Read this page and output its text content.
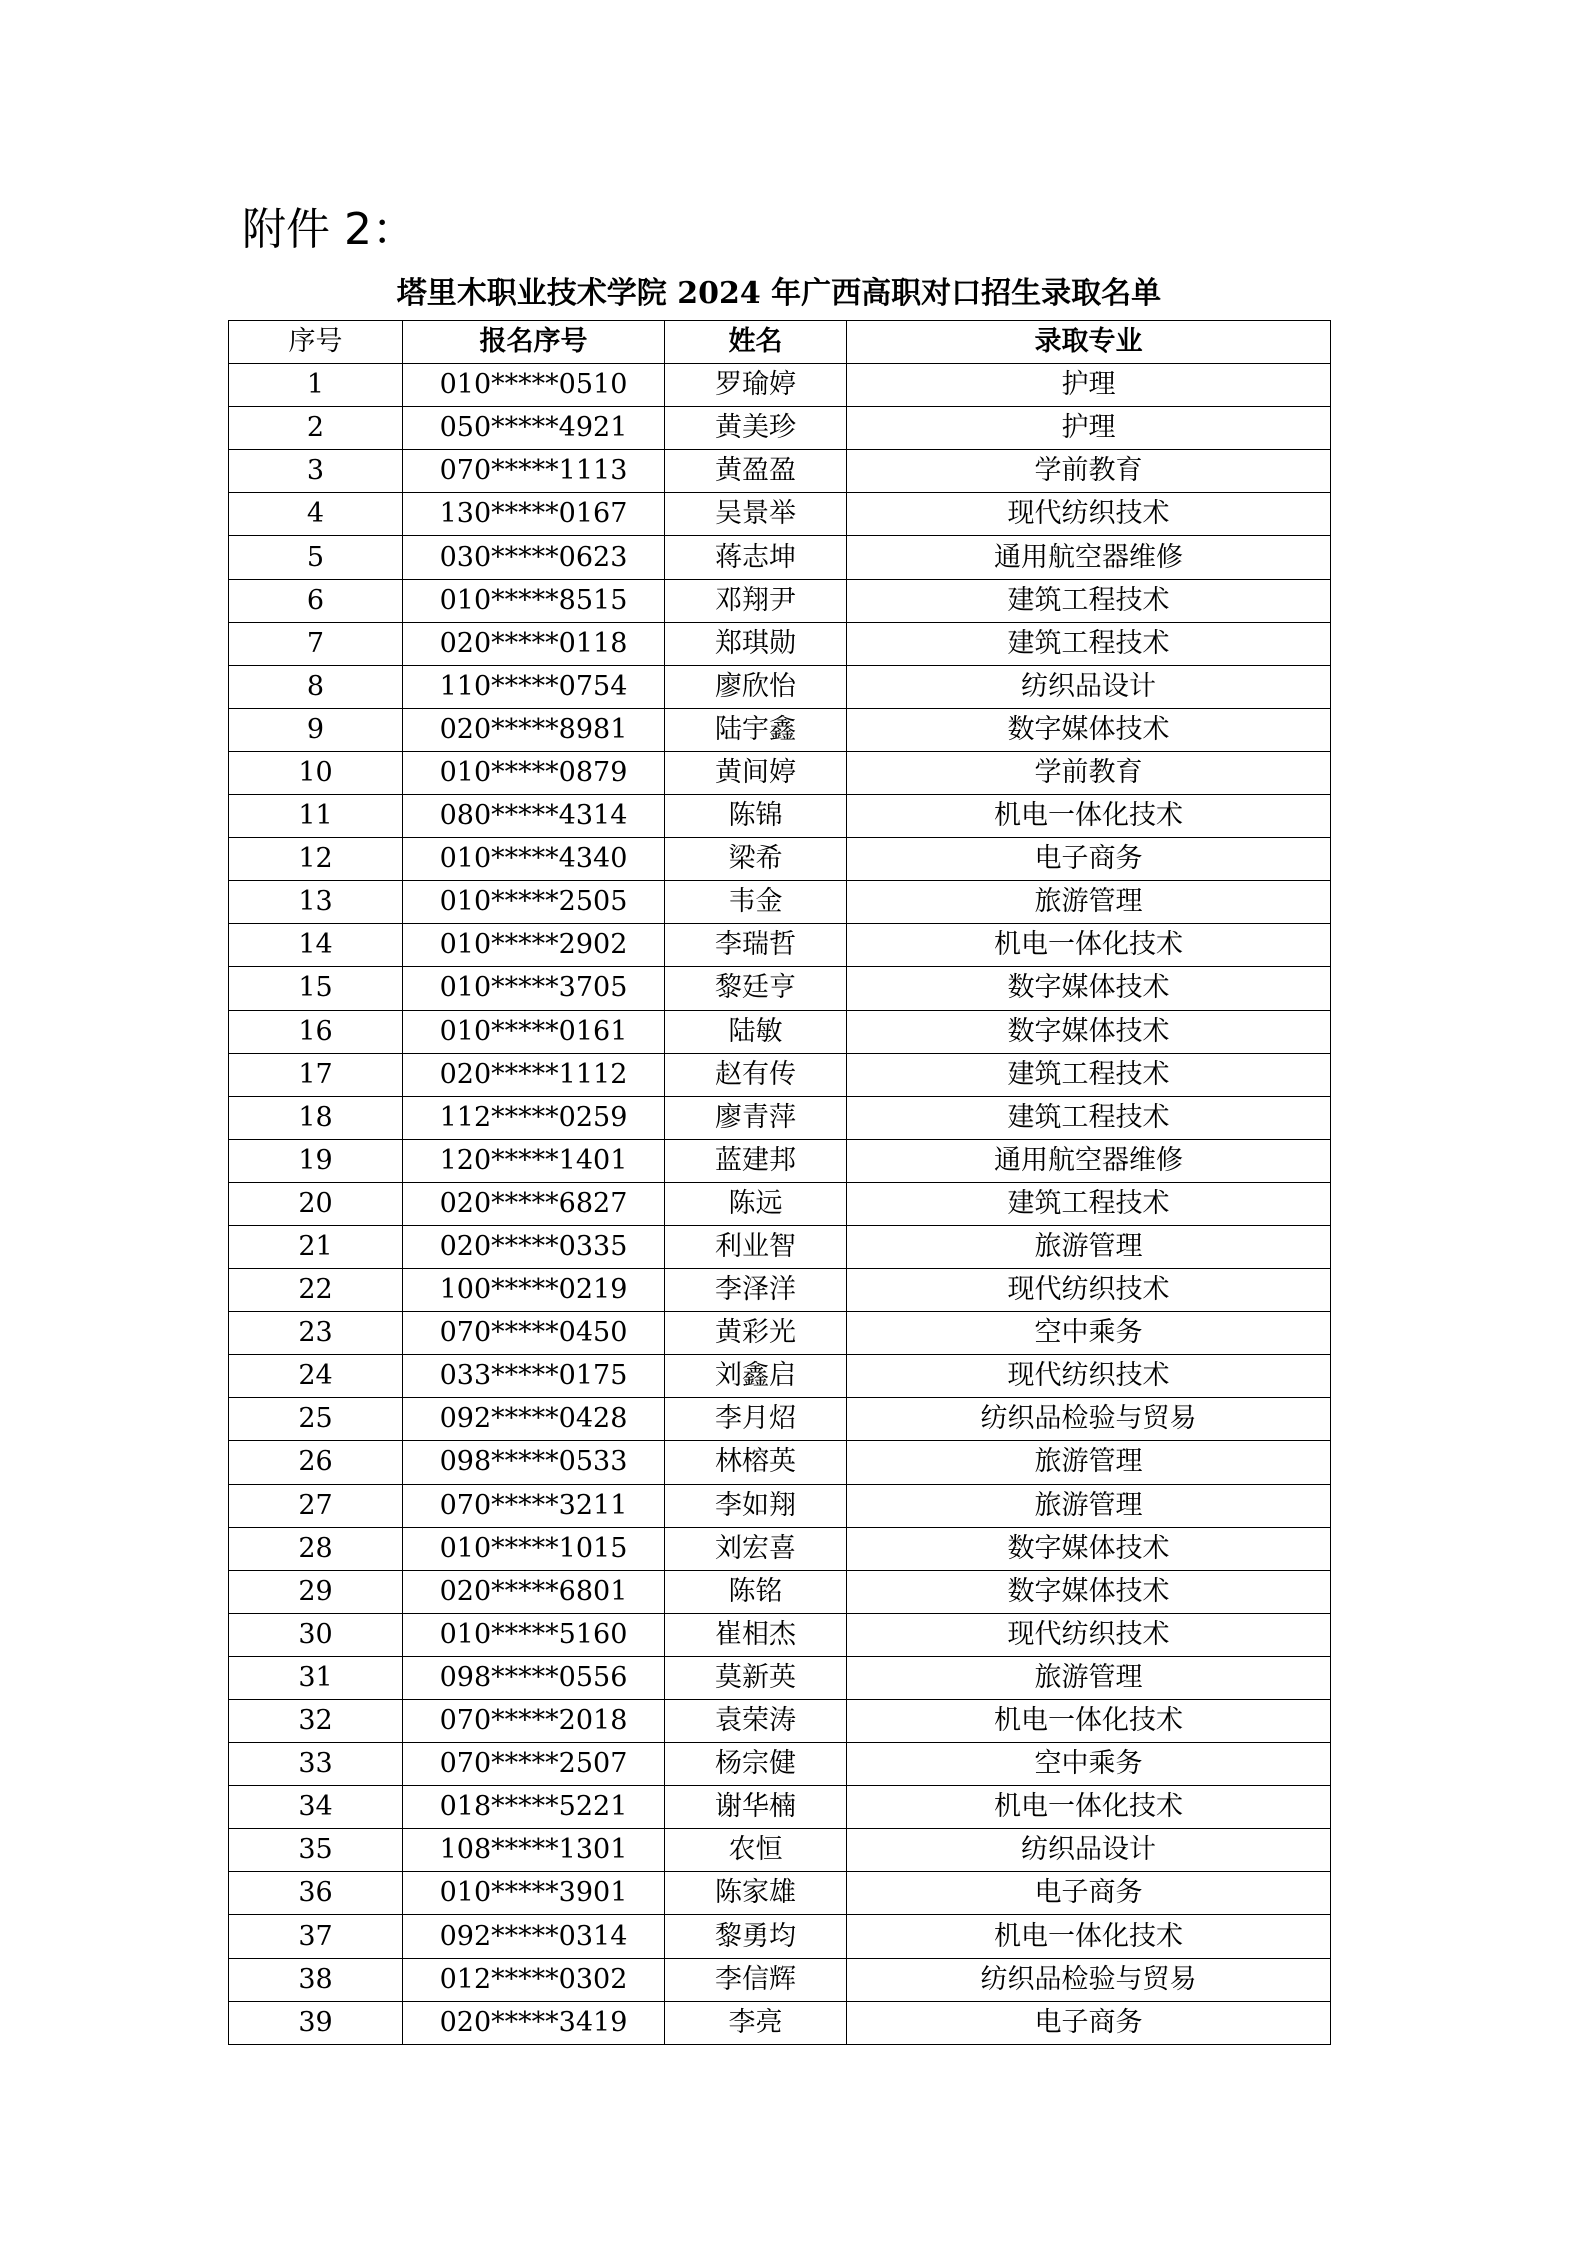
附件 2：
塔里木职业技术学院 2024 年广西高职对口招生录取名单
序号	报名序号	姓名	录取专业
1	010*****0510	罗瑜婷	护理
2	050*****4921	黄美珍	护理
3	070*****1113	黄盈盈	学前教育
4	130*****0167	吴景举	现代纺织技术
5	030*****0623	蒋志坤	通用航空器维修
6	010*****8515	邓翔尹	建筑工程技术
7	020*****0118	郑琪勋	建筑工程技术
8	110*****0754	廖欣怡	纺织品设计
9	020*****8981	陆宇鑫	数字媒体技术
10	010*****0879	黄间婷	学前教育
11	080*****4314	陈锦	机电一体化技术
12	010*****4340	梁希	电子商务
13	010*****2505	韦金	旅游管理
14	010*****2902	李瑞哲	机电一体化技术
15	010*****3705	黎廷亨	数字媒体技术
16	010*****0161	陆敏	数字媒体技术
17	020*****1112	赵有传	建筑工程技术
18	112*****0259	廖青萍	建筑工程技术
19	120*****1401	蓝建邦	通用航空器维修
20	020*****6827	陈远	建筑工程技术
21	020*****0335	利业智	旅游管理
22	100*****0219	李泽洋	现代纺织技术
23	070*****0450	黄彩光	空中乘务
24	033*****0175	刘鑫启	现代纺织技术
25	092*****0428	李月炤	纺织品检验与贸易
26	098*****0533	林榕英	旅游管理
27	070*****3211	李如翔	旅游管理
28	010*****1015	刘宏喜	数字媒体技术
29	020*****6801	陈铭	数字媒体技术
30	010*****5160	崔相杰	现代纺织技术
31	098*****0556	莫新英	旅游管理
32	070*****2018	袁荣涛	机电一体化技术
33	070*****2507	杨宗健	空中乘务
34	018*****5221	谢华楠	机电一体化技术
35	108*****1301	农恒	纺织品设计
36	010*****3901	陈家雄	电子商务
37	092*****0314	黎勇均	机电一体化技术
38	012*****0302	李信辉	纺织品检验与贸易
39	020*****3419	李亮	电子商务
